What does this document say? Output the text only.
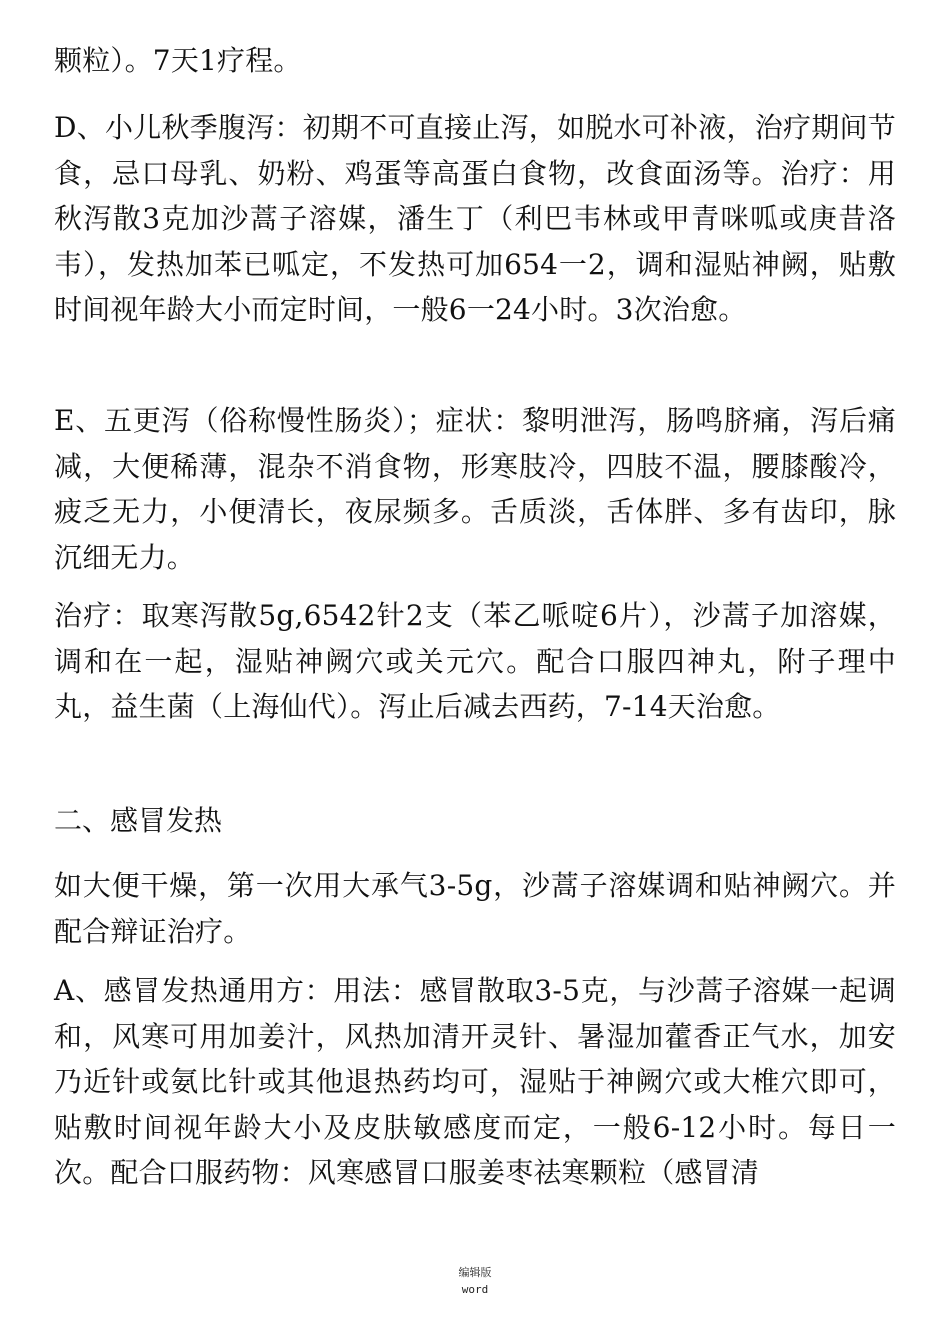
颗粒）。7天1疗程。

D、小儿秋季腹泻：初期不可直接止泻，如脱水可补液，治疗期间节食，忌口母乳、奶粉、鸡蛋等高蛋白食物，改食面汤等。治疗：用秋泻散3克加沙蒿子溶媒，潘生丁（利巴韦林或甲青咪呱或庚昔洛韦），发热加苯已呱定，不发热可加654一2，调和湿贴神阙，贴敷时间视年龄大小而定时间，一般6一24小时。3次治愈。

E、五更泻（俗称慢性肠炎）；症状：黎明泄泻，肠鸣脐痛，泻后痛减，大便稀薄，混杂不消食物，形寒肢冷，四肢不温，腰膝酸冷，疲乏无力，小便清长，夜尿频多。舌质淡，舌体胖、多有齿印，脉沉细无力。

治疗：取寒泻散5g,6542针2支（苯乙哌啶6片），沙蒿子加溶媒，调和在一起，湿贴神阙穴或关元穴。配合口服四神丸，附子理中丸，益生菌（上海仙代）。泻止后减去西药，7-14天治愈。

二、感冒发热

如大便干燥，第一次用大承气3-5g，沙蒿子溶媒调和贴神阙穴。并配合辩证治疗。

A、感冒发热通用方：用法：感冒散取3-5克，与沙蒿子溶媒一起调和，风寒可用加姜汁，风热加清开灵针、暑湿加藿香正气水，加安乃近针或氨比针或其他退热药均可，湿贴于神阙穴或大椎穴即可，贴敷时间视年龄大小及皮肤敏感度而定，一般6-12小时。每日一次。配合口服药物：风寒感冒口服姜枣祛寒颗粒（感冒清

编辑版
word
